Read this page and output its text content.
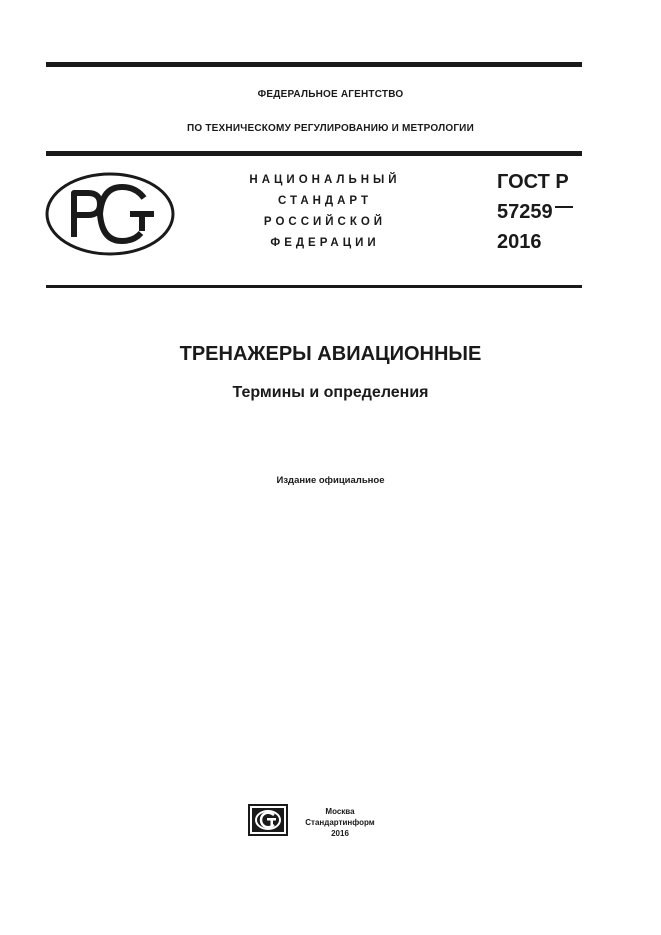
ФЕДЕРАЛЬНОЕ АГЕНТСТВО
ПО ТЕХНИЧЕСКОМУ РЕГУЛИРОВАНИЮ И МЕТРОЛОГИИ
НАЦИОНАЛЬНЫЙ
СТАНДАРТ
РОССИЙСКОЙ
ФЕДЕРАЦИИ
ГОСТ Р
57259
2016
ТРЕНАЖЕРЫ АВИАЦИОННЫЕ
Термины и определения
Издание официальное
Москва
Стандартинформ
2016
